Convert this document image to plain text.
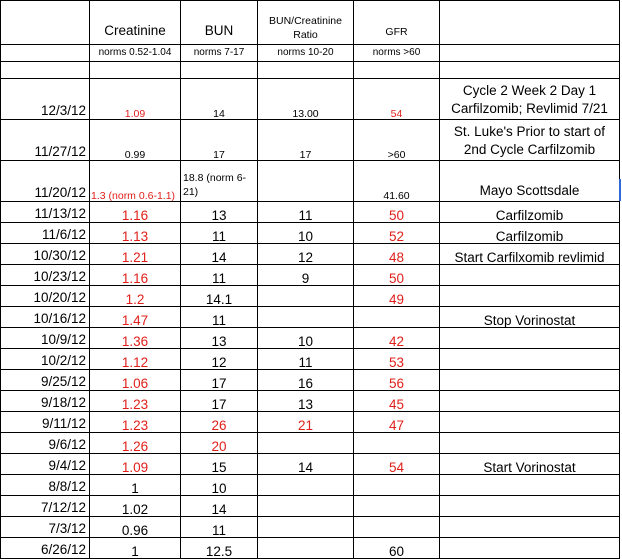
	Creatinine	BUN	BUN/Creatinine Ratio	GFR	
	norms 0.52-1.04	norms 7-17	norms 10-20	norms >60	

12/3/12	1.09	14	13.00	54	Cycle 2 Week 2 Day 1 Carfilzomib; Revlimid 7/21
11/27/12	0.99	17	17	>60	St. Luke's Prior to start of 2nd Cycle Carfilzomib
11/20/12	1.3 (norm 0.6-1.1)	18.8 (norm 6-21)		41.60	Mayo Scottsdale
11/13/12	1.16	13	11	50	Carfilzomib
11/6/12	1.13	11	10	52	Carfilzomib
10/30/12	1.21	14	12	48	Start Carfilxomib revlimid
10/23/12	1.16	11	9	50	
10/20/12	1.2	14.1		49	
10/16/12	1.47	11			Stop Vorinostat
10/9/12	1.36	13	10	42	
10/2/12	1.12	12	11	53	
9/25/12	1.06	17	16	56	
9/18/12	1.23	17	13	45	
9/11/12	1.23	26	21	47	
9/6/12	1.26	20			
9/4/12	1.09	15	14	54	Start Vorinostat
8/8/12	1	10			
7/12/12	1.02	14			
7/3/12	0.96	11			
6/26/12	1	12.5		60	
